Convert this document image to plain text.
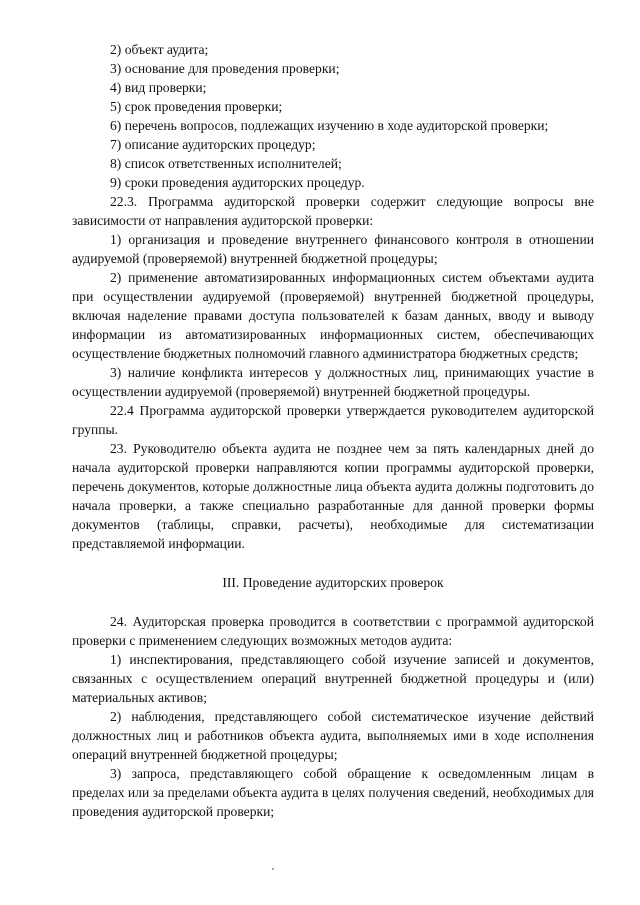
2) объект аудита;

3) основание для проведения проверки;

4) вид проверки;

5) срок проведения проверки;

6) перечень вопросов, подлежащих изучению в ходе аудиторской проверки;

7) описание аудиторских процедур;

8) список ответственных исполнителей;

9) сроки проведения аудиторских процедур.

22.3. Программа аудиторской проверки содержит следующие вопросы вне зависимости от направления аудиторской проверки:

1) организация и проведение внутреннего финансового контроля в отношении аудируемой (проверяемой) внутренней бюджетной процедуры;

2) применение автоматизированных информационных систем объектами аудита при осуществлении аудируемой (проверяемой) внутренней бюджетной процедуры, включая наделение правами доступа пользователей к базам данных, вводу и выводу информации из автоматизированных информационных систем, обеспечивающих осуществление бюджетных полномочий главного администратора бюджетных средств;

3) наличие конфликта интересов у должностных лиц, принимающих участие в осуществлении аудируемой (проверяемой) внутренней бюджетной процедуры.

22.4 Программа аудиторской проверки утверждается руководителем аудиторской группы.

23. Руководителю объекта аудита не позднее чем за пять календарных дней до начала аудиторской проверки направляются копии программы аудиторской проверки, перечень документов, которые должностные лица объекта аудита должны подготовить до начала проверки, а также специально разработанные для данной проверки формы документов (таблицы, справки, расчеты), необходимые для систематизации представляемой информации.

III. Проведение аудиторских проверок

24. Аудиторская проверка проводится в соответствии с программой аудиторской проверки с применением следующих возможных методов аудита:

1) инспектирования, представляющего собой изучение записей и документов, связанных с осуществлением операций внутренней бюджетной процедуры и (или) материальных активов;

2) наблюдения, представляющего собой систематическое изучение действий должностных лиц и работников объекта аудита, выполняемых ими в ходе исполнения операций внутренней бюджетной процедуры;

3) запроса, представляющего собой обращение к осведомленным лицам в пределах или за пределами объекта аудита в целях получения сведений, необходимых для проведения аудиторской проверки;
